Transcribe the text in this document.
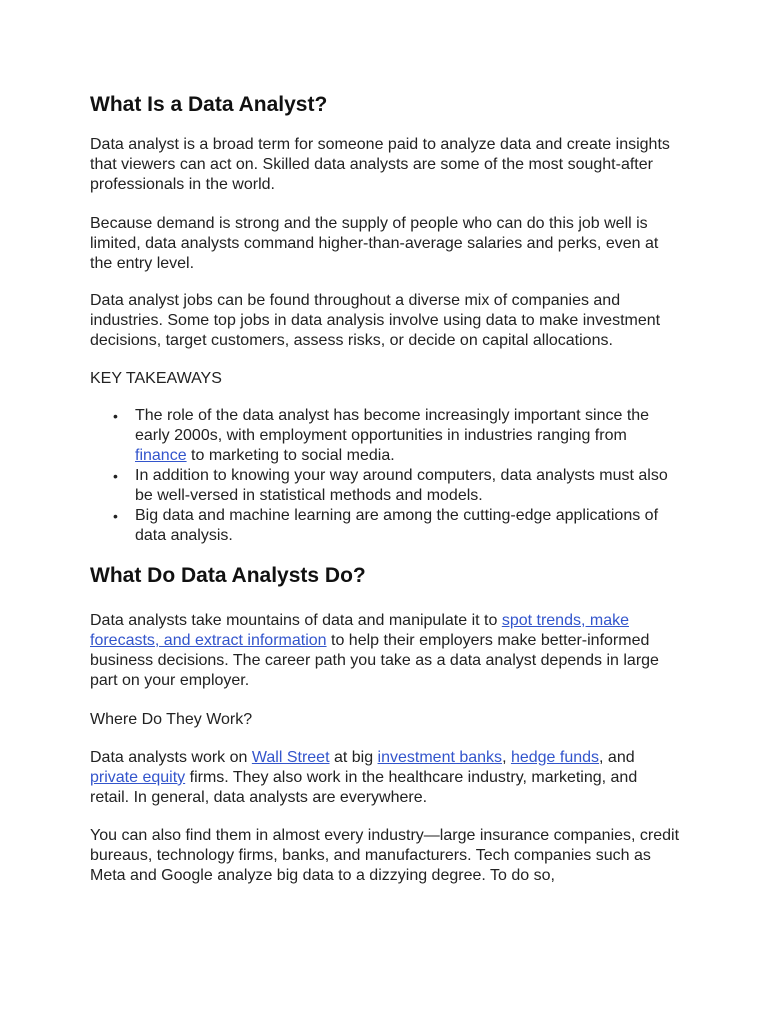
What Is a Data Analyst?

Data analyst is a broad term for someone paid to analyze data and create insights that viewers can act on. Skilled data analysts are some of the most sought-after professionals in the world.

Because demand is strong and the supply of people who can do this job well is limited, data analysts command higher-than-average salaries and perks, even at the entry level.

Data analyst jobs can be found throughout a diverse mix of companies and industries. Some top jobs in data analysis involve using data to make investment decisions, target customers, assess risks, or decide on capital allocations.

KEY TAKEAWAYS

• The role of the data analyst has become increasingly important since the early 2000s, with employment opportunities in industries ranging from finance to marketing to social media.
• In addition to knowing your way around computers, data analysts must also be well-versed in statistical methods and models.
• Big data and machine learning are among the cutting-edge applications of data analysis.
What Do Data Analysts Do?

Data analysts take mountains of data and manipulate it to spot trends, make forecasts, and extract information to help their employers make better-informed business decisions. The career path you take as a data analyst depends in large part on your employer.

Where Do They Work?

Data analysts work on Wall Street at big investment banks, hedge funds, and private equity firms. They also work in the healthcare industry, marketing, and retail. In general, data analysts are everywhere.

You can also find them in almost every industry—large insurance companies, credit bureaus, technology firms, banks, and manufacturers. Tech companies such as Meta and Google analyze big data to a dizzying degree. To do so,
